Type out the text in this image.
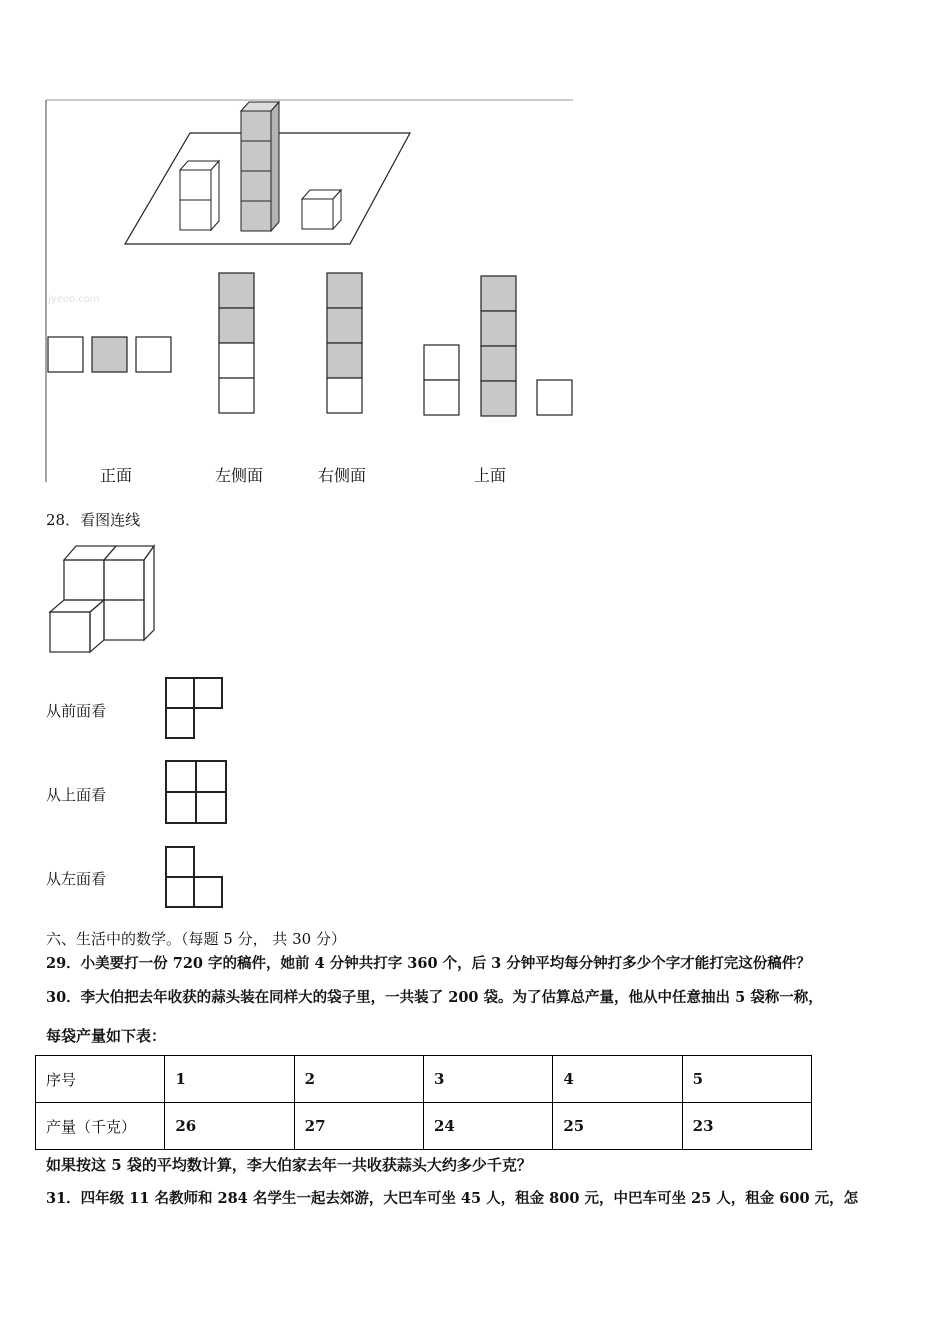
jyeoo.com
正面	左侧面	右侧面	上面
28．看图连线
从前面看
从上面看
从左面看
六、生活中的数学。（每题 5 分， 共 30 分）
29．小美要打一份 720 字的稿件，她前 4 分钟共打字 360 个，后 3 分钟平均每分钟打多少个字才能打完这份稿件？
30．李大伯把去年收获的蒜头装在同样大的袋子里，一共装了 200 袋。为了估算总产量，他从中任意抽出 5 袋称一称，
每袋产量如下表：
序号	1	2	3	4	5
产量（千克）	26	27	24	25	23
如果按这 5 袋的平均数计算，李大伯家去年一共收获蒜头大约多少千克？
31．四年级 11 名教师和 284 名学生一起去郊游，大巴车可坐 45 人，租金 800 元，中巴车可坐 25 人，租金 600 元，怎
